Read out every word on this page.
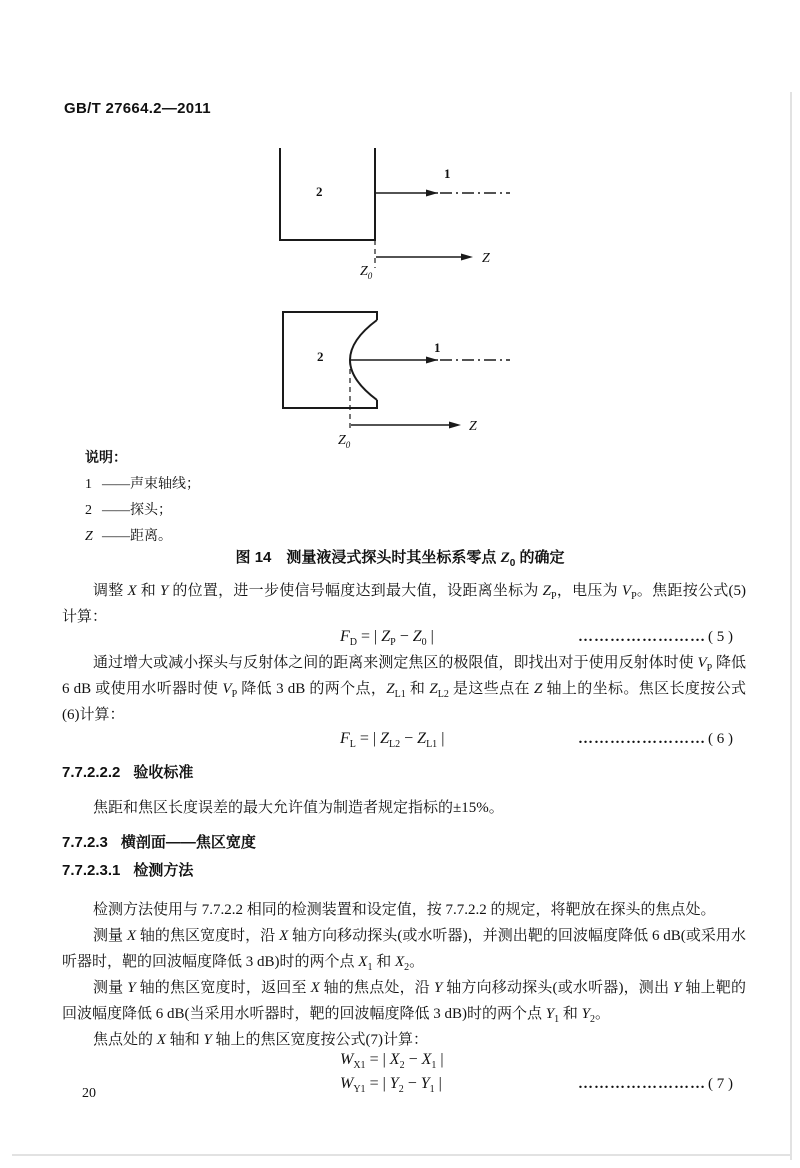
GB/T 27664.2—2011
2
1
Z
$Z_0$
2
1
Z
$Z_0$
说明：
1 ——声束轴线；
2 ——探头；
Z ——距离。
图 14　测量液浸式探头时其坐标系零点 $Z_0$ 的确定
调整 X 和 Y 的位置，进一步使信号幅度达到最大值，设距离坐标为 $Z_P$，电压为 $V_P$。焦距按公式(5)计算：
$F_D$ = | $Z_P - Z_0$ |	…………………… ( 5 )
通过增大或减小探头与反射体之间的距离来测定焦区的极限值，即找出对于使用反射体时使 $V_P$ 降低 6 dB 或使用水听器时使 $V_P$ 降低 3 dB 的两个点，$Z_{L1}$ 和 $Z_{L2}$ 是这些点在 Z 轴上的坐标。焦区长度按公式(6)计算：
$F_L$ = | $Z_{L2} - Z_{L1}$ |	…………………… ( 6 )
7.7.2.2.2 验收标准
焦距和焦区长度误差的最大允许值为制造者规定指标的±15%。
7.7.2.3 横剖面——焦区宽度
7.7.2.3.1 检测方法
检测方法使用与 7.7.2.2 相同的检测装置和设定值，按 7.7.2.2 的规定，将靶放在探头的焦点处。
测量 X 轴的焦区宽度时，沿 X 轴方向移动探头(或水听器)，并测出靶的回波幅度降低 6 dB(或采用水听器时，靶的回波幅度降低 3 dB)时的两个点 $X_1$ 和 $X_2$。
测量 Y 轴的焦区宽度时，返回至 X 轴的焦点处，沿 Y 轴方向移动探头(或水听器)，测出 Y 轴上靶的回波幅度降低 6 dB(当采用水听器时，靶的回波幅度降低 3 dB)时的两个点 $Y_1$ 和 $Y_2$。
焦点处的 X 轴和 Y 轴上的焦区宽度按公式(7)计算：
$W_{X1}$ = | $X_2 - X_1$ |
$W_{Y1}$ = | $Y_2 - Y_1$ |	…………………… ( 7 )
20
